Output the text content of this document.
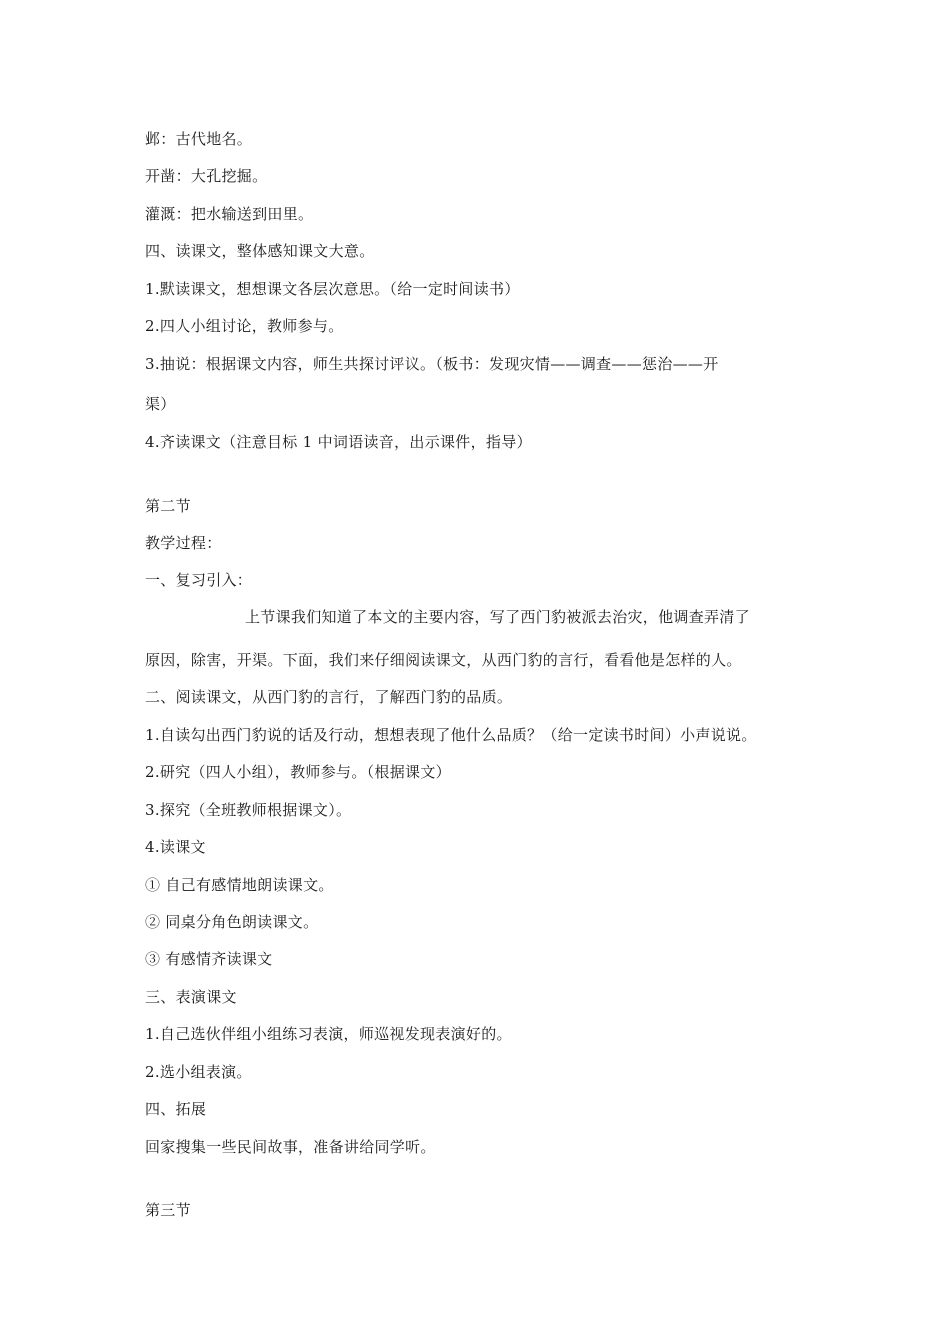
邺：古代地名。
开凿：大孔挖掘。
灌溉：把水输送到田里。
四、读课文，整体感知课文大意。
1.默读课文，想想课文各层次意思。（给一定时间读书）
2.四人小组讨论，教师参与。
3.抽说：根据课文内容，师生共探讨评议。（板书：发现灾情——调查——惩治——开
渠）
4.齐读课文（注意目标 1 中词语读音，出示课件，指导）
第二节
教学过程：
一、复习引入：
上节课我们知道了本文的主要内容，写了西门豹被派去治灾，他调查弄清了
原因，除害，开渠。下面，我们来仔细阅读课文，从西门豹的言行，看看他是怎样的人。
二、阅读课文，从西门豹的言行，了解西门豹的品质。
1.自读勾出西门豹说的话及行动，想想表现了他什么品质？（给一定读书时间）小声说说。
2.研究（四人小组），教师参与。（根据课文）
3.探究（全班教师根据课文）。
4.读课文
① 自己有感情地朗读课文。
② 同桌分角色朗读课文。
③ 有感情齐读课文
三、表演课文
1.自己选伙伴组小组练习表演，师巡视发现表演好的。
2.选小组表演。
四、拓展
回家搜集一些民间故事，准备讲给同学听。
第三节
